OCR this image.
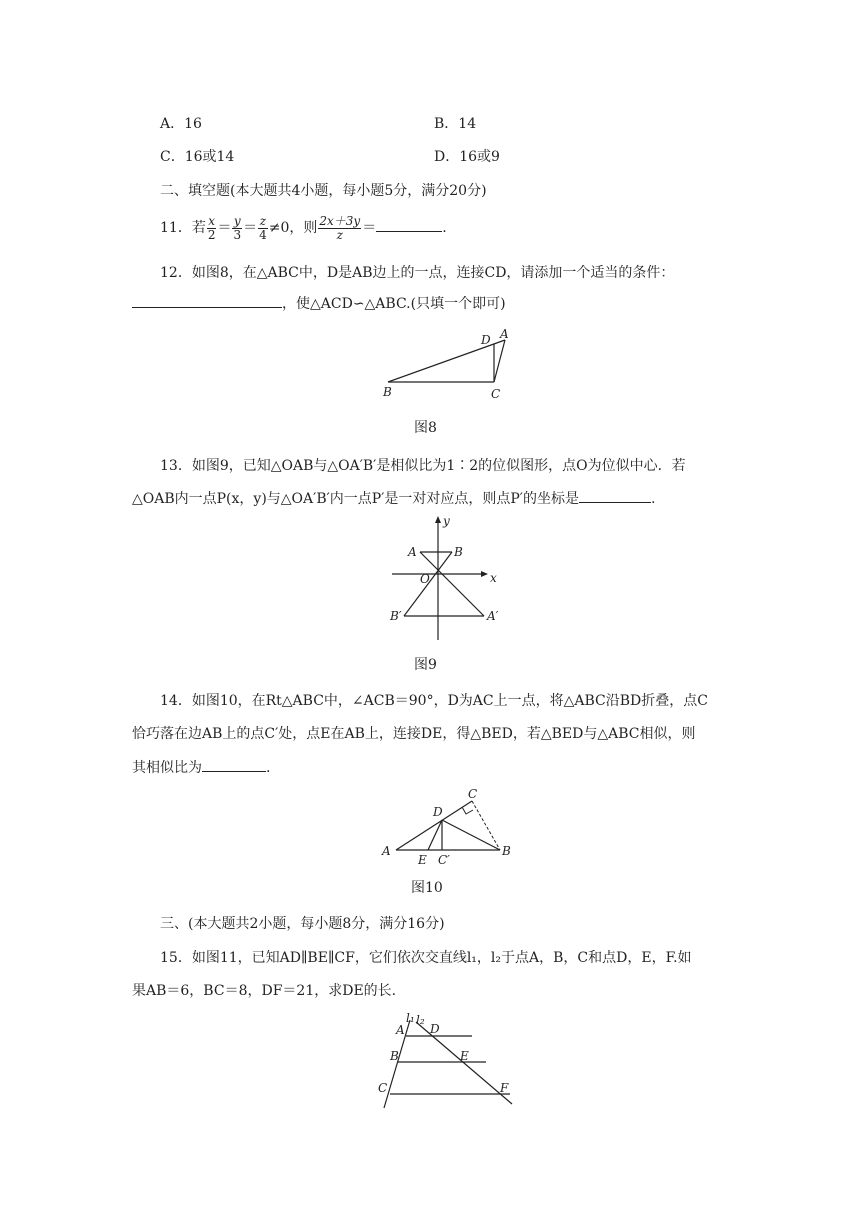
A．16	B．14
C．16或14	D．16或9
二、填空题(本大题共4小题，每小题5分，满分20分)
11．若 $\frac{x}{2} = \frac{y}{3} = \frac{z}{4} \ne 0$，则 $\frac{2x+3y}{z}$ ＝	.
12．如图8，在△ABC中，D是AB边上的一点，连接CD，请添加一个适当的条件：
，使△ACD∽△ABC.(只填一个即可)
B	C
D A
图8
13．如图9，已知△OAB与△OA′B′是相似比为1∶2的位似图形，点O为位似中心．若
△OAB内一点P(x，y)与△OA′B′内一点P′是一对对应点，则点P′的坐标是	.
y
x
A	B
O
B′	A′
图9
14．如图10，在Rt△ABC中，∠ACB＝90°，D为AC上一点，将△ABC沿BD折叠，点C
恰巧落在边AB上的点C′处，点E在AB上，连接DE，得△BED，若△BED与△ABC相似，则
其相似比为	.
A	B
C
D
E C′
图10
三、(本大题共2小题，每小题8分，满分16分)
15．如图11，已知AD∥BE∥CF，它们依次交直线l₁，l₂于点A，B，C和点D，E，F.如
果AB＝6，BC＝8，DF＝21，求DE的长.
l₁ l₂
A D
B	E
C	F
